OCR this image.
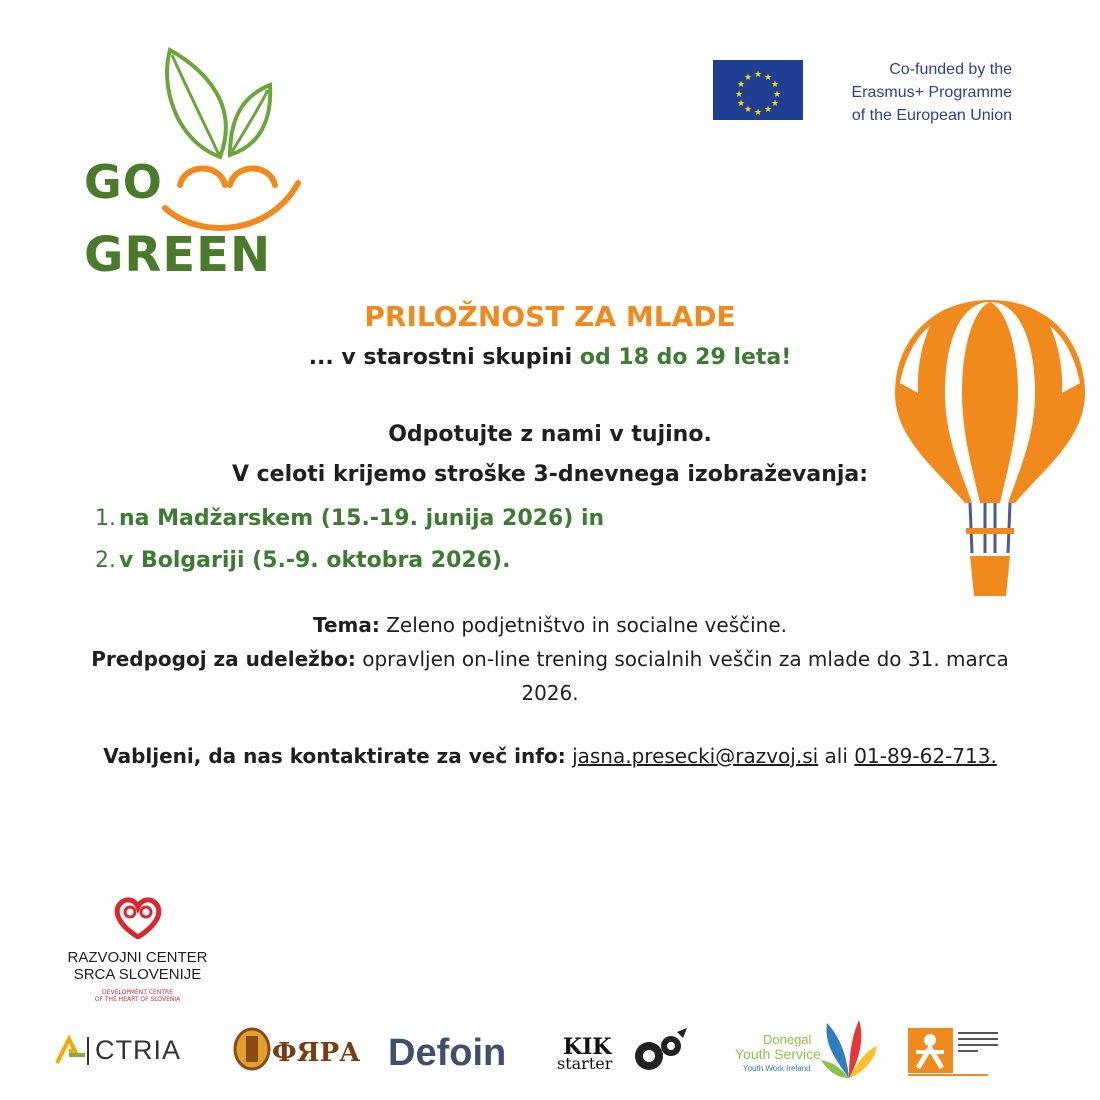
GO
GREEN
★ ★
★
★
★
★
★
★
★
★
★
★	Co-funded by the
Erasmus+ Programme
of the European Union
PRILOŽNOST ZA MLADE
... v starostni skupini od 18 do 29 leta!
Odpotujte z nami v tujino.
V celoti krijemo stroške 3-dnevnega izobraževanja:
1. na Madžarskem (15.-19. junija 2026) in
2. v Bolgariji (5.-9. oktobra 2026).
Tema: Zeleno podjetništvo in socialne veščine.
Predpogoj za udeležbo: opravljen on-line trening socialnih veščin za mlade do 31. marca 2026.
Vabljeni, da nas kontaktirate za več info: jasna.presecki@razvoj.si ali 01-89-62-713.
RAZVOJNI CENTER
SRCA SLOVENIJE
DEVELOPMENT CENTRE
OF THE HEART OF SLOVENIA
CTRIA	ФЯРА Defoin	KIK
starter
Donegal
Youth Service
Youth Work Ireland
